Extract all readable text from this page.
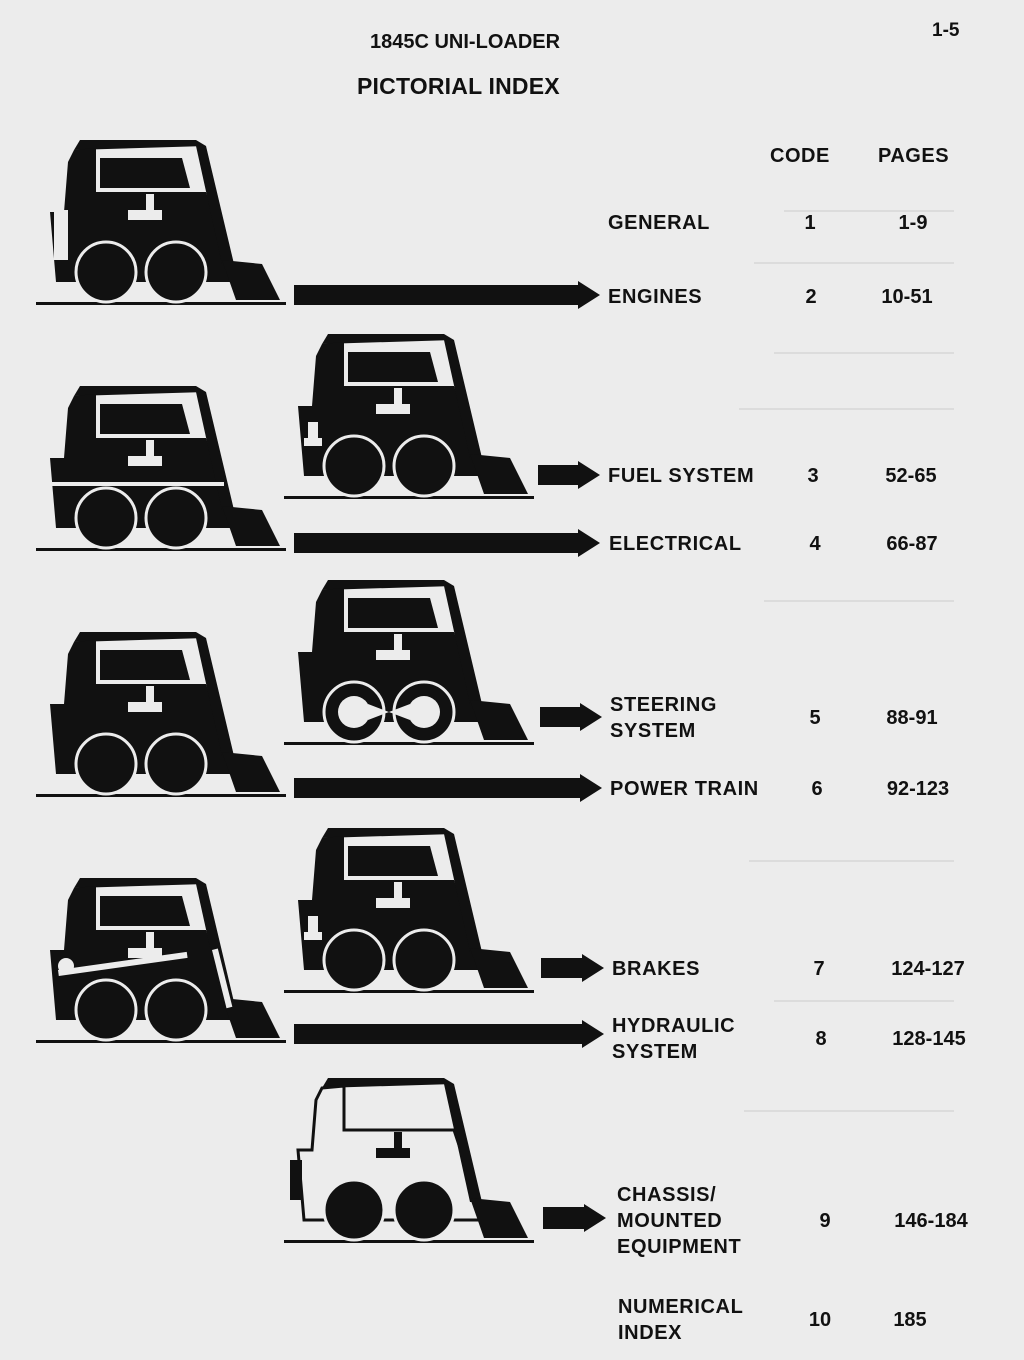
1845C UNI-LOADER
1-5
PICTORIAL INDEX
CODE PAGES
GENERAL	1	1-9
ENGINES	2	10-51
FUEL SYSTEM	3	52-65
ELECTRICAL	4	66-87
STEERING
SYSTEM
5	88-91
POWER TRAIN	6	92-123
BRAKES	7	124-127
HYDRAULIC
SYSTEM
8	128-145
CHASSIS/
MOUNTED
EQUIPMENT
9	146-184
NUMERICAL
INDEX
10	185
